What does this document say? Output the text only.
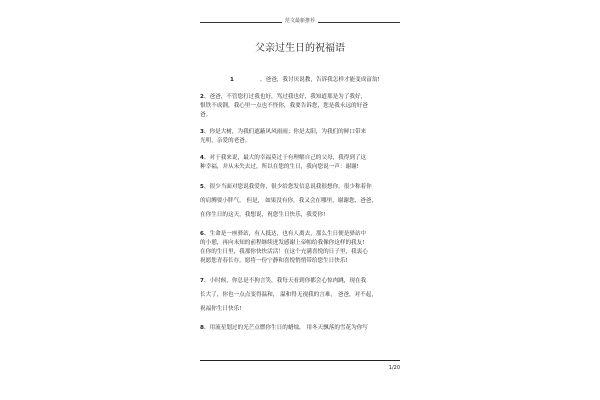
范文最新推荐
父亲过生日的祝福语
1	、爸爸，我讨厌说教，告诉我怎样才能变成富翁!
2、爸爸，不管您打过我也好，骂过我也好，我知道那是为了我好，
恨铁不成钢，我心里一点也不怪你，我要告诉您，您是我永远的好爸
爸。
3、你是大树，为我们遮蔽风风雨雨；你是太阳，为我们的鲜口带来
光明，亲爱的老爸。
4、对于我来说，最大的幸福莫过于有理解自己的父母，我得到了这
种幸福，并从未失去过，所以在您的生日，我向您说一声：谢谢!
5、很少当面对您说我爱你，很少给您发信息说我很想你，很少称着你
的肩膊要小胖气， 但是， 如果没有你，我又会在哪里，谢谢您，爸爸，
在你生日的这天，我想说，祝您生日快乐，我爱你!
6、生命是一座驿站，有人抵达，也有人离去，那么生日便是驿站中
的小憩，再向未知的前程继续迸发感谢上帝帕给我像你这样的我友!
在你的生日里，我那你快快活活！在这个充满喜悦的日子里，我衷心
祝愿您青春长存，愿将一份宁静和喜悦悄悄带给您生日快乐!
7、小时候，你总是不拘言笑，我每天看到你都会心惊肉跳，现在我
长大了，你也一点点变得温和， 温和得无视我的言难， 爸爸，对不起，
祝福你生日快乐!
8、用流星划过的光芒点燃你生日的蜡烛， 用冬天飘落的雪花为你写
1/20
